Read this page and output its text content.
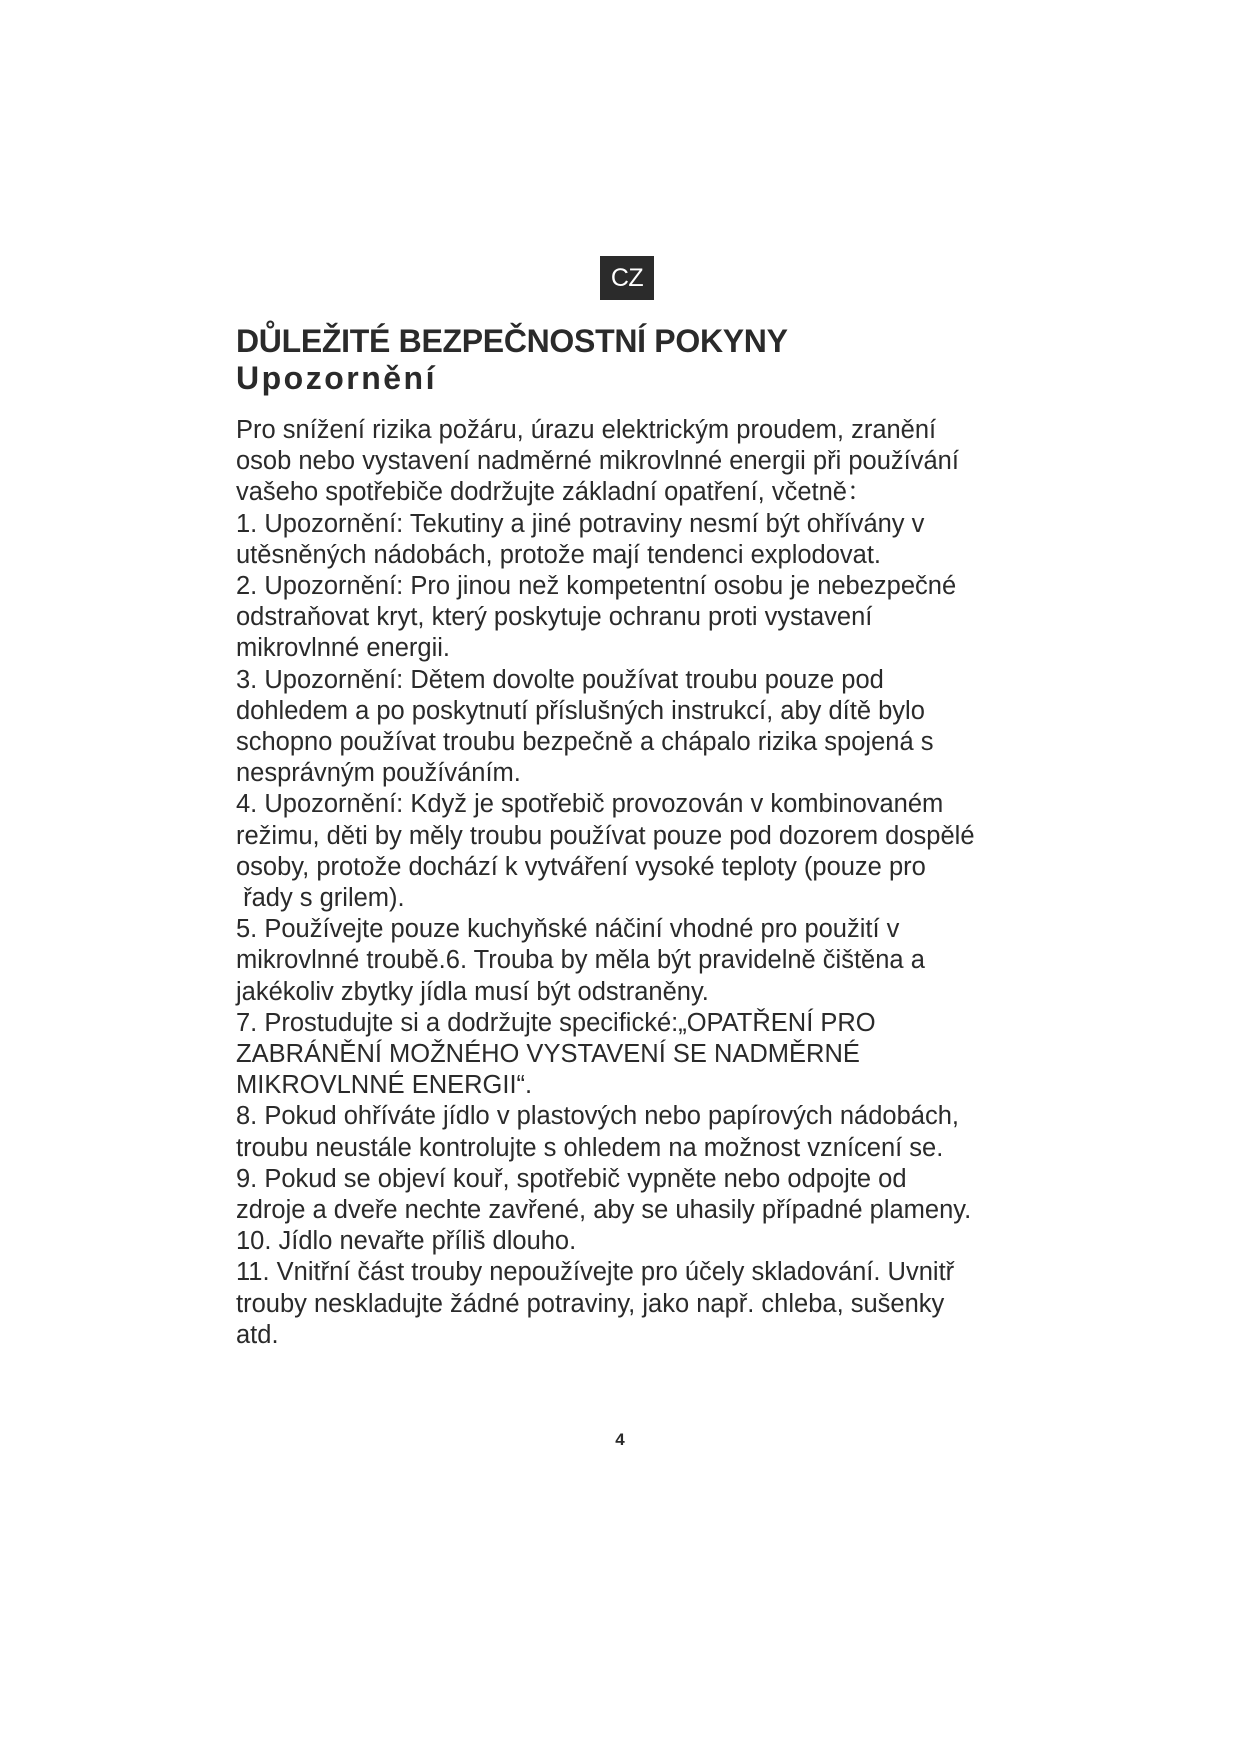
CZ
DŮLEŽITÉ BEZPEČNOSTNÍ POKYNY
Upozornění
Pro snížení rizika požáru, úrazu elektrickým proudem, zranění
osob nebo vystavení nadměrné mikrovlnné energii při používání
vašeho spotřebiče dodržujte základní opatření, včetně：
1. Upozornění: Tekutiny a jiné potraviny nesmí být ohřívány v
utěsněných nádobách, protože mají tendenci explodovat.
2. Upozornění: Pro jinou než kompetentní osobu je nebezpečné
odstraňovat kryt, který poskytuje ochranu proti vystavení
mikrovlnné energii.
3. Upozornění: Dětem dovolte používat troubu pouze pod
dohledem a po poskytnutí příslušných instrukcí, aby dítě bylo
schopno používat troubu bezpečně a chápalo rizika spojená s
nesprávným používáním.
4. Upozornění: Když je spotřebič provozován v kombinovaném
režimu, děti by měly troubu používat pouze pod dozorem dospělé
osoby, protože dochází k vytváření vysoké teploty (pouze pro
řady s grilem).
5. Používejte pouze kuchyňské náčiní vhodné pro použití v
mikrovlnné troubě.6. Trouba by měla být pravidelně čištěna a
jakékoliv zbytky jídla musí být odstraněny.
7. Prostudujte si a dodržujte specifické:„OPATŘENÍ PRO
ZABRÁNĚNÍ MOŽNÉHO VYSTAVENÍ SE NADMĚRNÉ
MIKROVLNNÉ ENERGII“.
8. Pokud ohříváte jídlo v plastových nebo papírových nádobách,
troubu neustále kontrolujte s ohledem na možnost vznícení se.
9. Pokud se objeví kouř, spotřebič vypněte nebo odpojte od
zdroje a dveře nechte zavřené, aby se uhasily případné plameny.
10. Jídlo nevařte příliš dlouho.
11. Vnitřní část trouby nepoužívejte pro účely skladování. Uvnitř
trouby neskladujte žádné potraviny, jako např. chleba, sušenky
atd.
4
